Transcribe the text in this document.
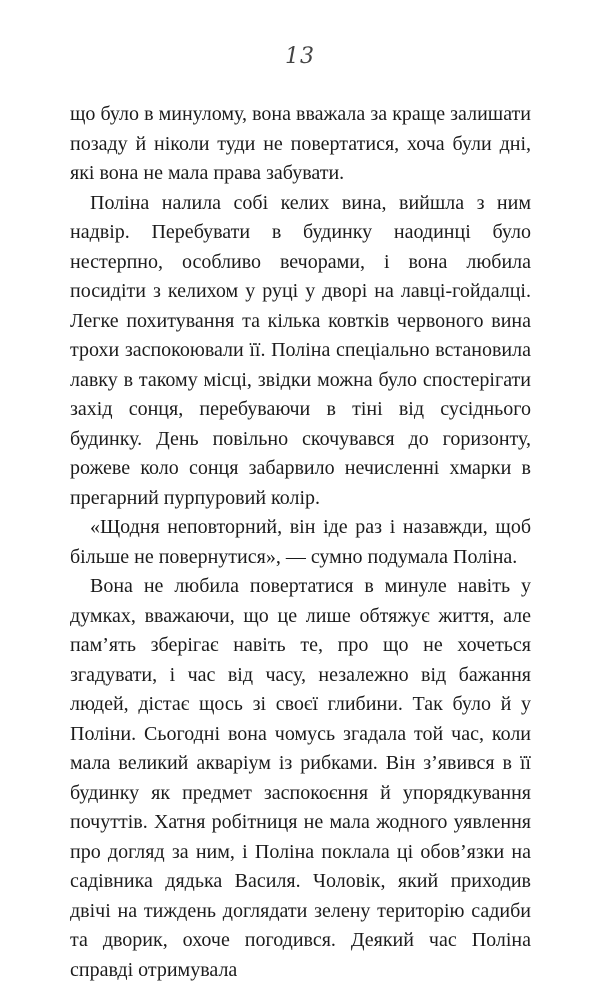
13

що було в минулому, вона вважала за краще залишати позаду й ніколи туди не повертатися, хоча були дні, які вона не мала права забувати.

Поліна налила собі келих вина, вийшла з ним надвір. Перебувати в будинку наодинці було нестерпно, особливо вечорами, і вона любила посидіти з келихом у руці у дворі на лавці-гойдалці. Легке похитування та кілька ковтків червоного вина трохи заспокоювали її. Поліна спеціально встановила лавку в такому місці, звідки можна було спостерігати захід сонця, перебуваючи в тіні від сусіднього будинку. День повільно скочувався до горизонту, рожеве коло сонця забарвило нечисленні хмарки в прегарний пурпуровий колір.

«Щодня неповторний, він іде раз і назавжди, щоб більше не повернутися», — сумно подумала Поліна.

Вона не любила повертатися в минуле навіть у думках, вважаючи, що це лише обтяжує життя, але пам’ять зберігає навіть те, про що не хочеться згадувати, і час від часу, незалежно від бажання людей, дістає щось зі своєї глибини. Так було й у Поліни. Сьогодні вона чомусь згадала той час, коли мала великий акваріум із рибками. Він з’явився в її будинку як предмет заспокоєння й упорядкування почуттів. Хатня робітниця не мала жодного уявлення про догляд за ним, і Поліна поклала ці обов’язки на садівника дядька Василя. Чоловік, який приходив двічі на тиждень доглядати зелену територію садиби та дворик, охоче погодився. Деякий час Поліна справді отримувала
